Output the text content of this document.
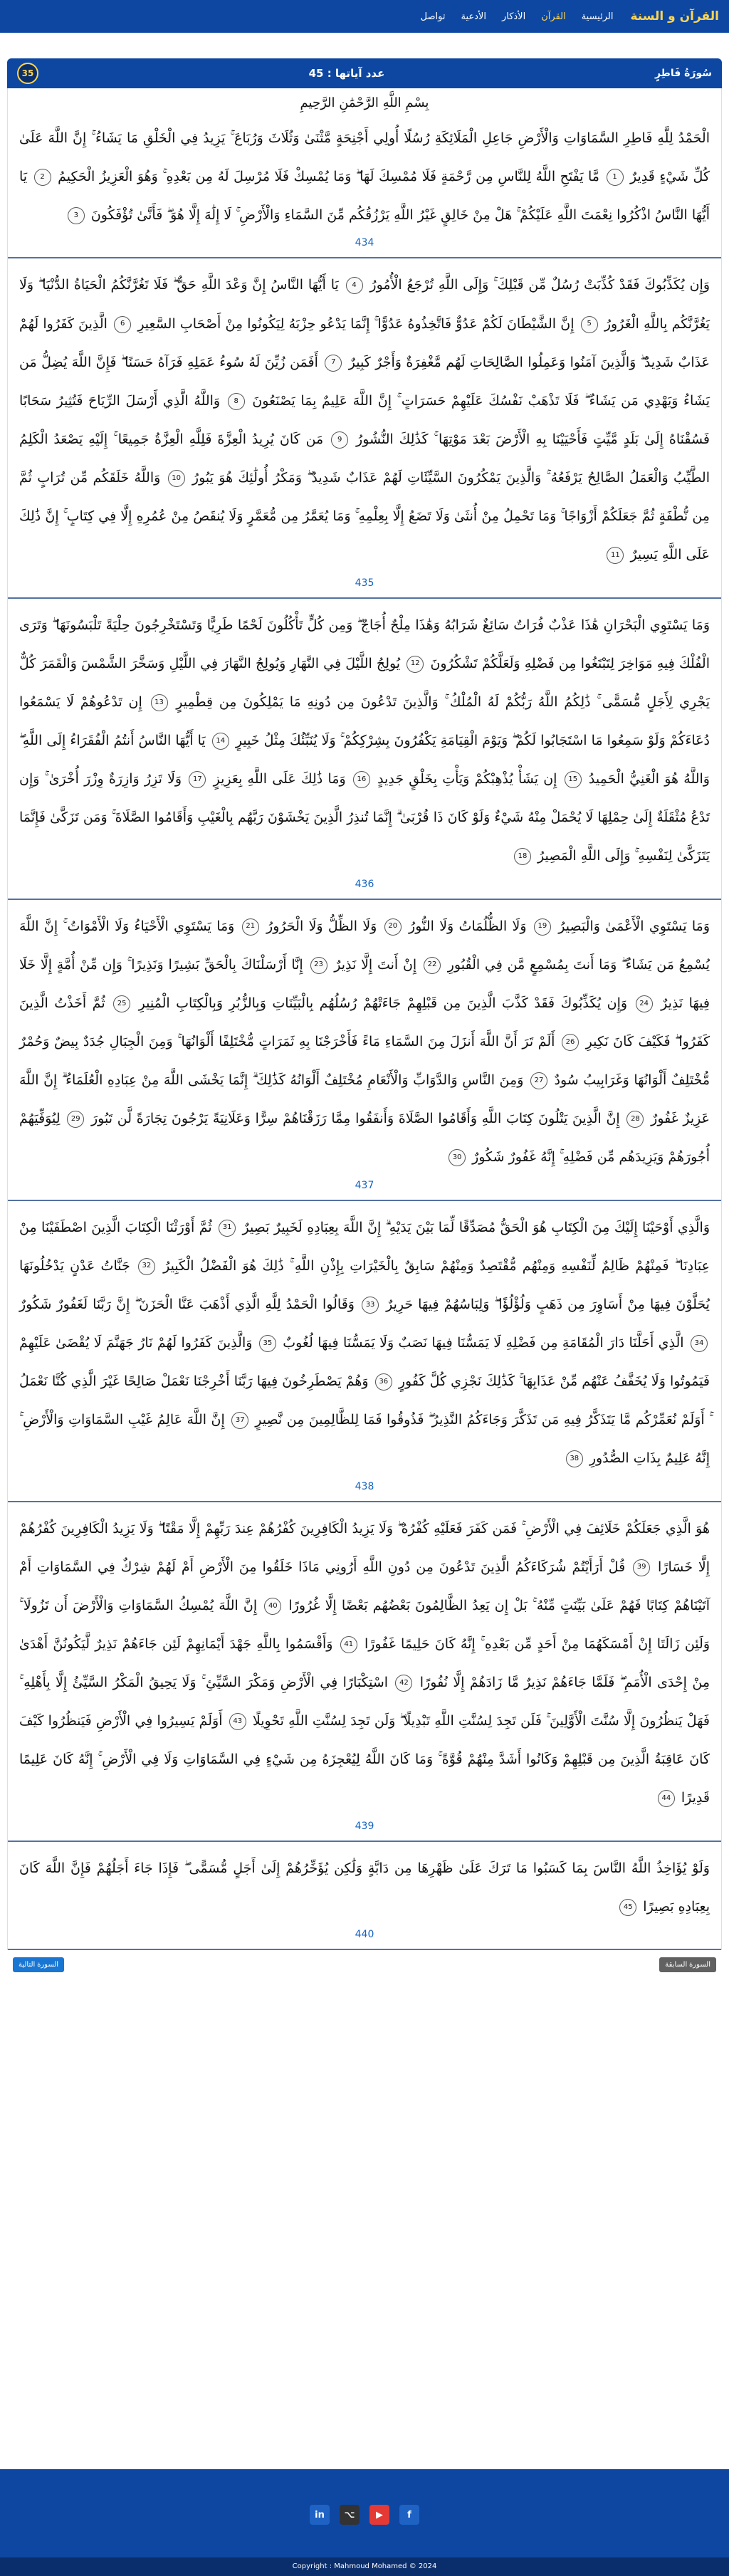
القرآن و السنة
الرئيسية
القرآن
الأذكار
الأدعية
تواصل
سُورَةُ فَاطِرٍ
عدد آياتها : 45
35
بِسْمِ اللَّهِ الرَّحْمَٰنِ الرَّحِيمِ

الْحَمْدُ لِلَّهِ فَاطِرِ السَّمَاوَاتِ وَالْأَرْضِ جَاعِلِ الْمَلَائِكَةِ رُسُلًا أُولِي أَجْنِحَةٍ مَّثْنَىٰ وَثُلَاثَ وَرُبَاعَ ۚ يَزِيدُ فِي الْخَلْقِ مَا يَشَاءُ ۚ إِنَّ اللَّهَ عَلَىٰ كُلِّ شَيْءٍ قَدِيرٌ 1 مَّا يَفْتَحِ اللَّهُ لِلنَّاسِ مِن رَّحْمَةٍ فَلَا مُمْسِكَ لَهَا ۖ وَمَا يُمْسِكْ فَلَا مُرْسِلَ لَهُ مِن بَعْدِهِ ۚ وَهُوَ الْعَزِيزُ الْحَكِيمُ 2 يَا أَيُّهَا النَّاسُ اذْكُرُوا نِعْمَتَ اللَّهِ عَلَيْكُمْ ۚ هَلْ مِنْ خَالِقٍ غَيْرُ اللَّهِ يَرْزُقُكُم مِّنَ السَّمَاءِ وَالْأَرْضِ ۚ لَا إِلَٰهَ إِلَّا هُوَ ۖ فَأَنَّىٰ تُؤْفَكُونَ 3

434

وَإِن يُكَذِّبُوكَ فَقَدْ كُذِّبَتْ رُسُلٌ مِّن قَبْلِكَ ۚ وَإِلَى اللَّهِ تُرْجَعُ الْأُمُورُ 4 يَا أَيُّهَا النَّاسُ إِنَّ وَعْدَ اللَّهِ حَقٌّ ۖ فَلَا تَغُرَّنَّكُمُ الْحَيَاةُ الدُّنْيَا ۖ وَلَا يَغُرَّنَّكُم بِاللَّهِ الْغَرُورُ 5 إِنَّ الشَّيْطَانَ لَكُمْ عَدُوٌّ فَاتَّخِذُوهُ عَدُوًّا ۚ إِنَّمَا يَدْعُو حِزْبَهُ لِيَكُونُوا مِنْ أَصْحَابِ السَّعِيرِ 6 الَّذِينَ كَفَرُوا لَهُمْ عَذَابٌ شَدِيدٌ ۖ وَالَّذِينَ آمَنُوا وَعَمِلُوا الصَّالِحَاتِ لَهُم مَّغْفِرَةٌ وَأَجْرٌ كَبِيرٌ 7 أَفَمَن زُيِّنَ لَهُ سُوءُ عَمَلِهِ فَرَآهُ حَسَنًا ۖ فَإِنَّ اللَّهَ يُضِلُّ مَن يَشَاءُ وَيَهْدِي مَن يَشَاءُ ۖ فَلَا تَذْهَبْ نَفْسُكَ عَلَيْهِمْ حَسَرَاتٍ ۚ إِنَّ اللَّهَ عَلِيمٌ بِمَا يَصْنَعُونَ 8 وَاللَّهُ الَّذِي أَرْسَلَ الرِّيَاحَ فَتُثِيرُ سَحَابًا فَسُقْنَاهُ إِلَىٰ بَلَدٍ مَّيِّتٍ فَأَحْيَيْنَا بِهِ الْأَرْضَ بَعْدَ مَوْتِهَا ۚ كَذَٰلِكَ النُّشُورُ 9 مَن كَانَ يُرِيدُ الْعِزَّةَ فَلِلَّهِ الْعِزَّةُ جَمِيعًا ۚ إِلَيْهِ يَصْعَدُ الْكَلِمُ الطَّيِّبُ وَالْعَمَلُ الصَّالِحُ يَرْفَعُهُ ۚ وَالَّذِينَ يَمْكُرُونَ السَّيِّئَاتِ لَهُمْ عَذَابٌ شَدِيدٌ ۖ وَمَكْرُ أُولَٰئِكَ هُوَ يَبُورُ 10 وَاللَّهُ خَلَقَكُم مِّن تُرَابٍ ثُمَّ مِن نُّطْفَةٍ ثُمَّ جَعَلَكُمْ أَزْوَاجًا ۚ وَمَا تَحْمِلُ مِنْ أُنثَىٰ وَلَا تَضَعُ إِلَّا بِعِلْمِهِ ۚ وَمَا يُعَمَّرُ مِن مُّعَمَّرٍ وَلَا يُنقَصُ مِنْ عُمُرِهِ إِلَّا فِي كِتَابٍ ۚ إِنَّ ذَٰلِكَ عَلَى اللَّهِ يَسِيرٌ 11

435

وَمَا يَسْتَوِي الْبَحْرَانِ هَٰذَا عَذْبٌ فُرَاتٌ سَائِغٌ شَرَابُهُ وَهَٰذَا مِلْحٌ أُجَاجٌ ۖ وَمِن كُلٍّ تَأْكُلُونَ لَحْمًا طَرِيًّا وَتَسْتَخْرِجُونَ حِلْيَةً تَلْبَسُونَهَا ۖ وَتَرَى الْفُلْكَ فِيهِ مَوَاخِرَ لِتَبْتَغُوا مِن فَضْلِهِ وَلَعَلَّكُمْ تَشْكُرُونَ 12 يُولِجُ اللَّيْلَ فِي النَّهَارِ وَيُولِجُ النَّهَارَ فِي اللَّيْلِ وَسَخَّرَ الشَّمْسَ وَالْقَمَرَ كُلٌّ يَجْرِي لِأَجَلٍ مُّسَمًّى ۚ ذَٰلِكُمُ اللَّهُ رَبُّكُمْ لَهُ الْمُلْكُ ۚ وَالَّذِينَ تَدْعُونَ مِن دُونِهِ مَا يَمْلِكُونَ مِن قِطْمِيرٍ 13 إِن تَدْعُوهُمْ لَا يَسْمَعُوا دُعَاءَكُمْ وَلَوْ سَمِعُوا مَا اسْتَجَابُوا لَكُمْ ۖ وَيَوْمَ الْقِيَامَةِ يَكْفُرُونَ بِشِرْكِكُمْ ۚ وَلَا يُنَبِّئُكَ مِثْلُ خَبِيرٍ 14 يَا أَيُّهَا النَّاسُ أَنتُمُ الْفُقَرَاءُ إِلَى اللَّهِ ۖ وَاللَّهُ هُوَ الْغَنِيُّ الْحَمِيدُ 15 إِن يَشَأْ يُذْهِبْكُمْ وَيَأْتِ بِخَلْقٍ جَدِيدٍ 16 وَمَا ذَٰلِكَ عَلَى اللَّهِ بِعَزِيزٍ 17 وَلَا تَزِرُ وَازِرَةٌ وِزْرَ أُخْرَىٰ ۚ وَإِن تَدْعُ مُثْقَلَةٌ إِلَىٰ حِمْلِهَا لَا يُحْمَلْ مِنْهُ شَيْءٌ وَلَوْ كَانَ ذَا قُرْبَىٰ ۗ إِنَّمَا تُنذِرُ الَّذِينَ يَخْشَوْنَ رَبَّهُم بِالْغَيْبِ وَأَقَامُوا الصَّلَاةَ ۚ وَمَن تَزَكَّىٰ فَإِنَّمَا يَتَزَكَّىٰ لِنَفْسِهِ ۚ وَإِلَى اللَّهِ الْمَصِيرُ 18

436

وَمَا يَسْتَوِي الْأَعْمَىٰ وَالْبَصِيرُ 19 وَلَا الظُّلُمَاتُ وَلَا النُّورُ 20 وَلَا الظِّلُّ وَلَا الْحَرُورُ 21 وَمَا يَسْتَوِي الْأَحْيَاءُ وَلَا الْأَمْوَاتُ ۚ إِنَّ اللَّهَ يُسْمِعُ مَن يَشَاءُ ۖ وَمَا أَنتَ بِمُسْمِعٍ مَّن فِي الْقُبُورِ 22 إِنْ أَنتَ إِلَّا نَذِيرٌ 23 إِنَّا أَرْسَلْنَاكَ بِالْحَقِّ بَشِيرًا وَنَذِيرًا ۚ وَإِن مِّنْ أُمَّةٍ إِلَّا خَلَا فِيهَا نَذِيرٌ 24 وَإِن يُكَذِّبُوكَ فَقَدْ كَذَّبَ الَّذِينَ مِن قَبْلِهِمْ جَاءَتْهُمْ رُسُلُهُم بِالْبَيِّنَاتِ وَبِالزُّبُرِ وَبِالْكِتَابِ الْمُنِيرِ 25 ثُمَّ أَخَذْتُ الَّذِينَ كَفَرُوا ۖ فَكَيْفَ كَانَ نَكِيرِ 26 أَلَمْ تَرَ أَنَّ اللَّهَ أَنزَلَ مِنَ السَّمَاءِ مَاءً فَأَخْرَجْنَا بِهِ ثَمَرَاتٍ مُّخْتَلِفًا أَلْوَانُهَا ۚ وَمِنَ الْجِبَالِ جُدَدٌ بِيضٌ وَحُمْرٌ مُّخْتَلِفٌ أَلْوَانُهَا وَغَرَابِيبُ سُودٌ 27 وَمِنَ النَّاسِ وَالدَّوَابِّ وَالْأَنْعَامِ مُخْتَلِفٌ أَلْوَانُهُ كَذَٰلِكَ ۗ إِنَّمَا يَخْشَى اللَّهَ مِنْ عِبَادِهِ الْعُلَمَاءُ ۗ إِنَّ اللَّهَ عَزِيزٌ غَفُورٌ 28 إِنَّ الَّذِينَ يَتْلُونَ كِتَابَ اللَّهِ وَأَقَامُوا الصَّلَاةَ وَأَنفَقُوا مِمَّا رَزَقْنَاهُمْ سِرًّا وَعَلَانِيَةً يَرْجُونَ تِجَارَةً لَّن تَبُورَ 29 لِيُوَفِّيَهُمْ أُجُورَهُمْ وَيَزِيدَهُم مِّن فَضْلِهِ ۚ إِنَّهُ غَفُورٌ شَكُورٌ 30

437

وَالَّذِي أَوْحَيْنَا إِلَيْكَ مِنَ الْكِتَابِ هُوَ الْحَقُّ مُصَدِّقًا لِّمَا بَيْنَ يَدَيْهِ ۗ إِنَّ اللَّهَ بِعِبَادِهِ لَخَبِيرٌ بَصِيرٌ 31 ثُمَّ أَوْرَثْنَا الْكِتَابَ الَّذِينَ اصْطَفَيْنَا مِنْ عِبَادِنَا ۖ فَمِنْهُمْ ظَالِمٌ لِّنَفْسِهِ وَمِنْهُم مُّقْتَصِدٌ وَمِنْهُمْ سَابِقٌ بِالْخَيْرَاتِ بِإِذْنِ اللَّهِ ۚ ذَٰلِكَ هُوَ الْفَضْلُ الْكَبِيرُ 32 جَنَّاتُ عَدْنٍ يَدْخُلُونَهَا يُحَلَّوْنَ فِيهَا مِنْ أَسَاوِرَ مِن ذَهَبٍ وَلُؤْلُؤًا ۖ وَلِبَاسُهُمْ فِيهَا حَرِيرٌ 33 وَقَالُوا الْحَمْدُ لِلَّهِ الَّذِي أَذْهَبَ عَنَّا الْحَزَنَ ۖ إِنَّ رَبَّنَا لَغَفُورٌ شَكُورٌ 34 الَّذِي أَحَلَّنَا دَارَ الْمُقَامَةِ مِن فَضْلِهِ لَا يَمَسُّنَا فِيهَا نَصَبٌ وَلَا يَمَسُّنَا فِيهَا لُغُوبٌ 35 وَالَّذِينَ كَفَرُوا لَهُمْ نَارُ جَهَنَّمَ لَا يُقْضَىٰ عَلَيْهِمْ فَيَمُوتُوا وَلَا يُخَفَّفُ عَنْهُم مِّنْ عَذَابِهَا ۚ كَذَٰلِكَ نَجْزِي كُلَّ كَفُورٍ 36 وَهُمْ يَصْطَرِخُونَ فِيهَا رَبَّنَا أَخْرِجْنَا نَعْمَلْ صَالِحًا غَيْرَ الَّذِي كُنَّا نَعْمَلُ ۚ أَوَلَمْ نُعَمِّرْكُم مَّا يَتَذَكَّرُ فِيهِ مَن تَذَكَّرَ وَجَاءَكُمُ النَّذِيرُ ۖ فَذُوقُوا فَمَا لِلظَّالِمِينَ مِن نَّصِيرٍ 37 إِنَّ اللَّهَ عَالِمُ غَيْبِ السَّمَاوَاتِ وَالْأَرْضِ ۚ إِنَّهُ عَلِيمٌ بِذَاتِ الصُّدُورِ 38

438

هُوَ الَّذِي جَعَلَكُمْ خَلَائِفَ فِي الْأَرْضِ ۚ فَمَن كَفَرَ فَعَلَيْهِ كُفْرُهُ ۖ وَلَا يَزِيدُ الْكَافِرِينَ كُفْرُهُمْ عِندَ رَبِّهِمْ إِلَّا مَقْتًا ۖ وَلَا يَزِيدُ الْكَافِرِينَ كُفْرُهُمْ إِلَّا خَسَارًا 39 قُلْ أَرَأَيْتُمْ شُرَكَاءَكُمُ الَّذِينَ تَدْعُونَ مِن دُونِ اللَّهِ أَرُونِي مَاذَا خَلَقُوا مِنَ الْأَرْضِ أَمْ لَهُمْ شِرْكٌ فِي السَّمَاوَاتِ أَمْ آتَيْنَاهُمْ كِتَابًا فَهُمْ عَلَىٰ بَيِّنَتٍ مِّنْهُ ۚ بَلْ إِن يَعِدُ الظَّالِمُونَ بَعْضُهُم بَعْضًا إِلَّا غُرُورًا 40 إِنَّ اللَّهَ يُمْسِكُ السَّمَاوَاتِ وَالْأَرْضَ أَن تَزُولَا ۚ وَلَئِن زَالَتَا إِنْ أَمْسَكَهُمَا مِنْ أَحَدٍ مِّن بَعْدِهِ ۚ إِنَّهُ كَانَ حَلِيمًا غَفُورًا 41 وَأَقْسَمُوا بِاللَّهِ جَهْدَ أَيْمَانِهِمْ لَئِن جَاءَهُمْ نَذِيرٌ لَّيَكُونُنَّ أَهْدَىٰ مِنْ إِحْدَى الْأُمَمِ ۖ فَلَمَّا جَاءَهُمْ نَذِيرٌ مَّا زَادَهُمْ إِلَّا نُفُورًا 42 اسْتِكْبَارًا فِي الْأَرْضِ وَمَكْرَ السَّيِّئِ ۚ وَلَا يَحِيقُ الْمَكْرُ السَّيِّئُ إِلَّا بِأَهْلِهِ ۚ فَهَلْ يَنظُرُونَ إِلَّا سُنَّتَ الْأَوَّلِينَ ۚ فَلَن تَجِدَ لِسُنَّتِ اللَّهِ تَبْدِيلًا ۖ وَلَن تَجِدَ لِسُنَّتِ اللَّهِ تَحْوِيلًا 43 أَوَلَمْ يَسِيرُوا فِي الْأَرْضِ فَيَنظُرُوا كَيْفَ كَانَ عَاقِبَةُ الَّذِينَ مِن قَبْلِهِمْ وَكَانُوا أَشَدَّ مِنْهُمْ قُوَّةً ۚ وَمَا كَانَ اللَّهُ لِيُعْجِزَهُ مِن شَيْءٍ فِي السَّمَاوَاتِ وَلَا فِي الْأَرْضِ ۚ إِنَّهُ كَانَ عَلِيمًا قَدِيرًا 44

439

وَلَوْ يُؤَاخِذُ اللَّهُ النَّاسَ بِمَا كَسَبُوا مَا تَرَكَ عَلَىٰ ظَهْرِهَا مِن دَابَّةٍ وَلَٰكِن يُؤَخِّرُهُمْ إِلَىٰ أَجَلٍ مُّسَمًّى ۖ فَإِذَا جَاءَ أَجَلُهُمْ فَإِنَّ اللَّهَ كَانَ بِعِبَادِهِ بَصِيرًا 45

440
السورة السابقة
السورة التالية
in	⌥	▶	f
Copyright : Mahmoud Mohamed © 2024
